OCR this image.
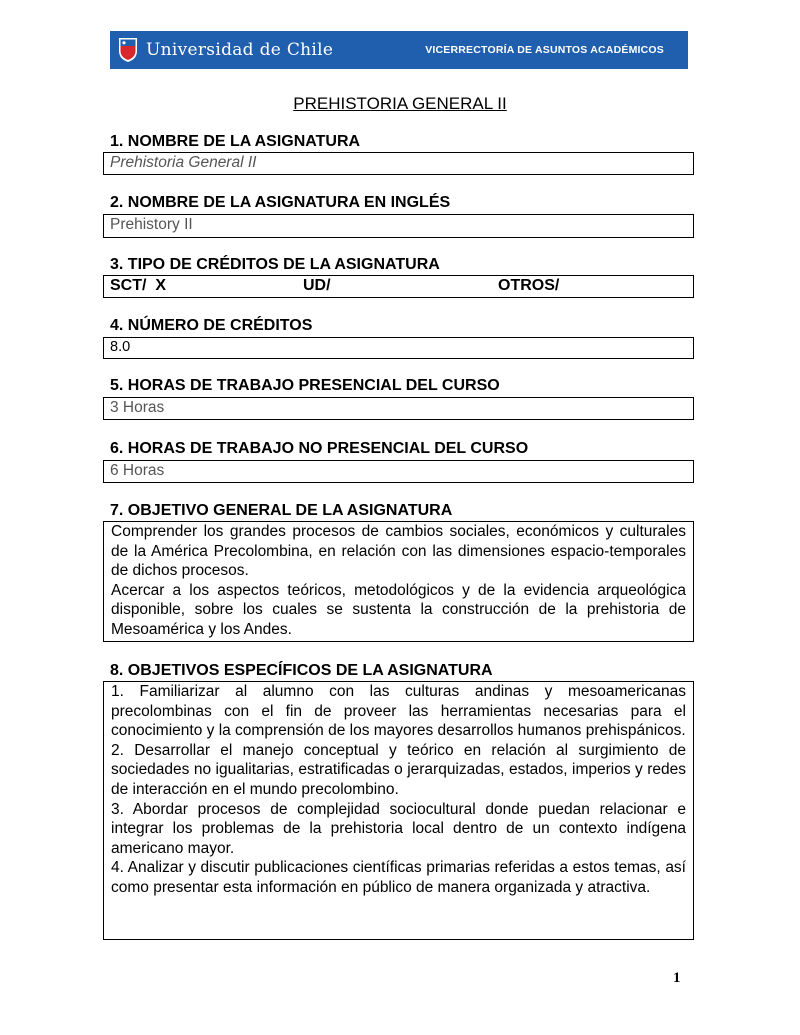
Universidad de Chile	VICERRECTORÍA DE ASUNTOS ACADÉMICOS
PREHISTORIA GENERAL II
1. NOMBRE DE LA ASIGNATURA
Prehistoria General II
2. NOMBRE DE LA ASIGNATURA EN INGLÉS
Prehistory II
3. TIPO DE CRÉDITOS DE LA ASIGNATURA
SCT/  X	UD/	OTROS/
4. NÚMERO DE CRÉDITOS
8.0
5. HORAS DE TRABAJO PRESENCIAL DEL CURSO
3 Horas
6. HORAS DE TRABAJO NO PRESENCIAL DEL CURSO
6 Horas
7. OBJETIVO GENERAL DE LA ASIGNATURA

Comprender los grandes procesos de cambios sociales, económicos y culturales de la América Precolombina, en relación con las dimensiones espacio-temporales de dichos procesos.

Acercar a los aspectos teóricos, metodológicos y de la evidencia arqueológica disponible, sobre los cuales se sustenta la construcción de la prehistoria de Mesoamérica y los Andes.

8. OBJETIVOS ESPECÍFICOS DE LA ASIGNATURA

1. Familiarizar al alumno con las culturas andinas y mesoamericanas precolombinas con el fin de proveer las herramientas necesarias para el conocimiento y la comprensión de los mayores desarrollos humanos prehispánicos.

2. Desarrollar el manejo conceptual y teórico en relación al surgimiento de sociedades no igualitarias, estratificadas o jerarquizadas, estados, imperios y redes de interacción en el mundo precolombino.

3. Abordar procesos de complejidad sociocultural donde puedan relacionar e integrar los problemas de la prehistoria local dentro de un contexto indígena americano mayor.

4. Analizar y discutir publicaciones científicas primarias referidas a estos temas, así como presentar esta información en público de manera organizada y atractiva.

1
